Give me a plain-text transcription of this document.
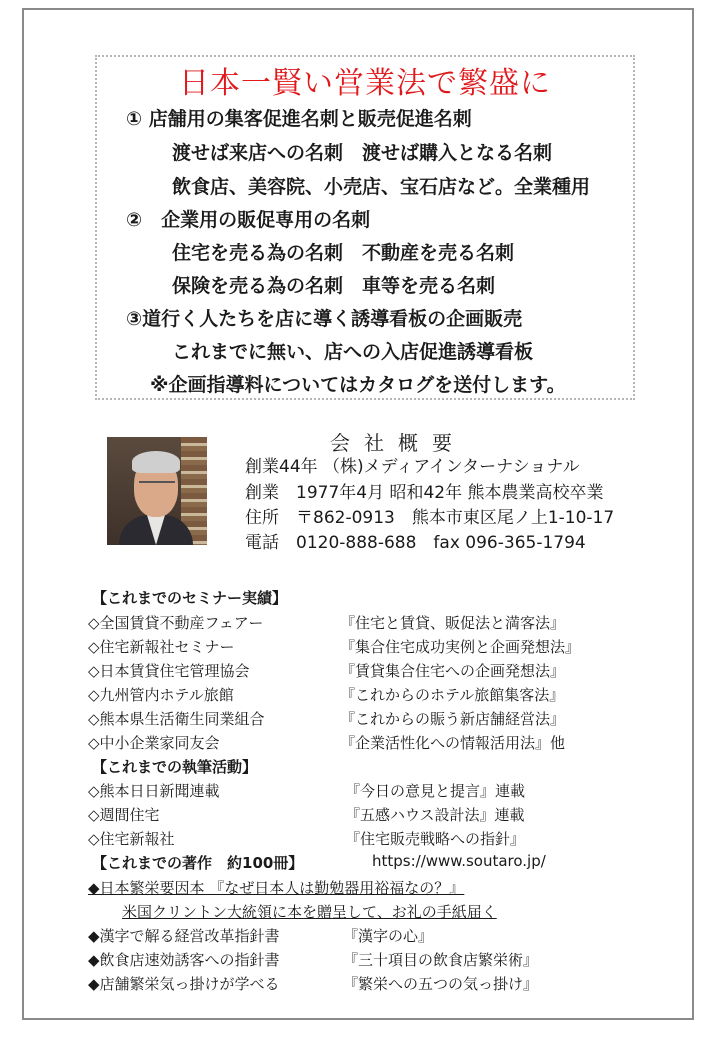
日本一賢い営業法で繁盛に
① 店舗用の集客促進名刺と販売促進名刺
渡せば来店への名刺　渡せば購入となる名刺
飲食店、美容院、小売店、宝石店など。全業種用
②　企業用の販促専用の名刺
住宅を売る為の名刺　不動産を売る名刺
保険を売る為の名刺　車等を売る名刺
③道行く人たちを店に導く誘導看板の企画販売
これまでに無い、店への入店促進誘導看板
※企画指導料についてはカタログを送付します。
会社概要
創業44年 （株)メディアインターナショナル
創業　1977年4月 昭和42年 熊本農業高校卒業
住所　〒862-0913　熊本市東区尾ノ上1-10-17
電話　0120-888-688　fax 096-365-1794
【これまでのセミナー実績】
◇全国賃貸不動産フェアー	『住宅と賃貸、販促法と満客法』
◇住宅新報社セミナー	『集合住宅成功実例と企画発想法』
◇日本賃貸住宅管理協会	『賃貸集合住宅への企画発想法』
◇九州管内ホテル旅館	『これからのホテル旅館集客法』
◇熊本県生活衛生同業組合	『これからの賑う新店舗経営法』
◇中小企業家同友会	『企業活性化への情報活用法』他
【これまでの執筆活動】
◇熊本日日新聞連載	『今日の意見と提言』連載
◇週間住宅	『五感ハウス設計法』連載
◇住宅新報社	『住宅販売戦略への指針』
【これまでの著作　約100冊】	https://www.soutaro.jp/
◆日本繁栄要因本 『なぜ日本人は勤勉器用裕福なの？』
米国クリントン大統領に本を贈呈して、お礼の手紙届く
◆漢字で解る経営改革指針書	『漢字の心』
◆飲食店速効誘客への指針書	『三十項目の飲食店繁栄術』
◆店舗繁栄気っ掛けが学べる	『繁栄への五つの気っ掛け』
